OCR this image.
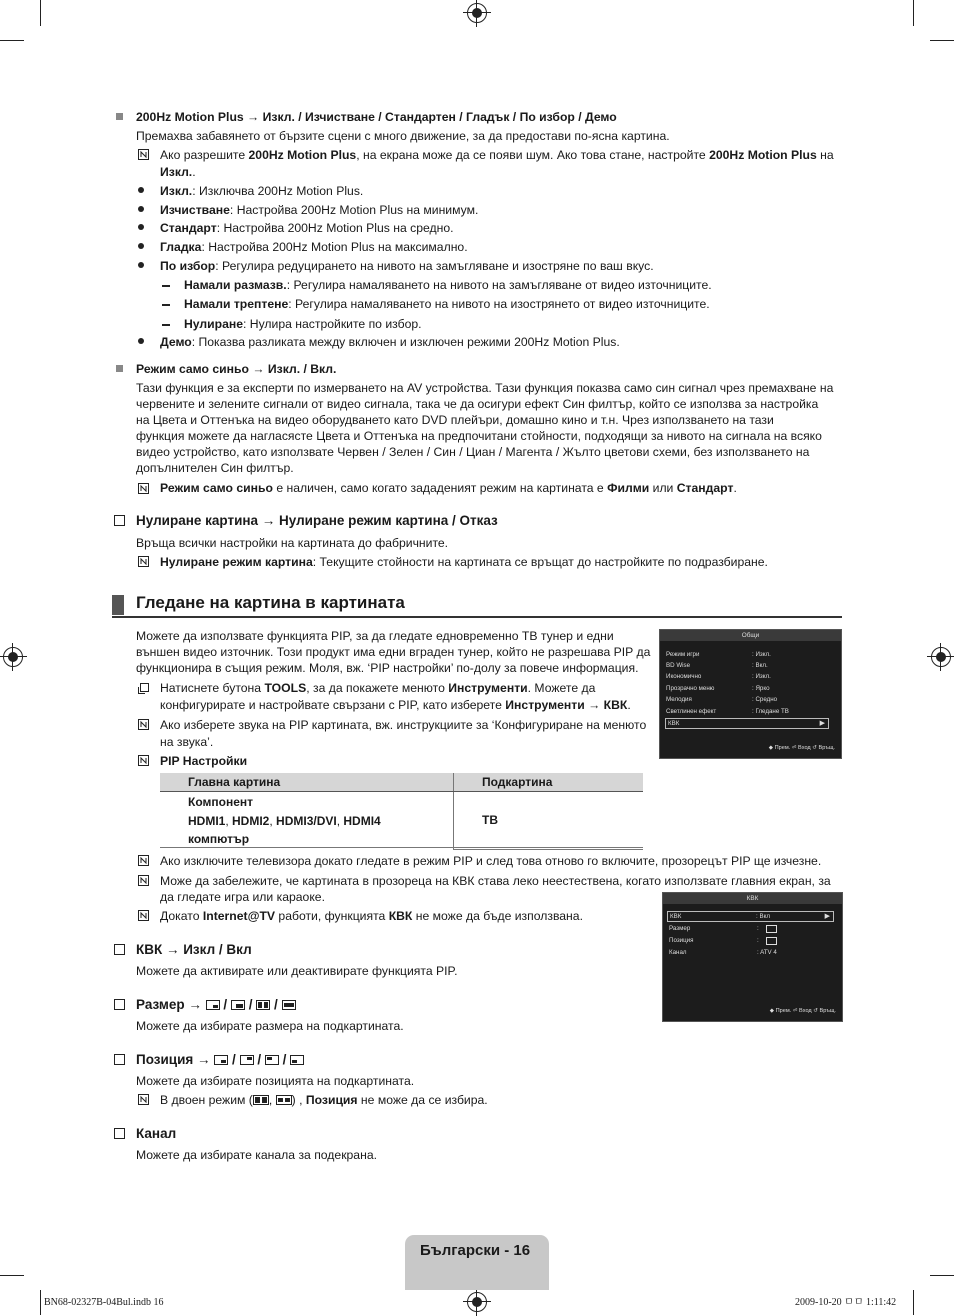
200Hz Motion Plus → Изкл. / Изчистване / Стандартен / Гладък / По избор / Демо
Премахва забавянето от бързите сцени с много движение, за да предостави по-ясна картина.
Ако разрешите 200Hz Motion Plus, на екрана може да се появи шум. Ако това стане, настройте 200Hz Motion Plus на
Изкл..
Изкл.: Изключва 200Hz Motion Plus.
Изчистване: Настройва 200Hz Motion Plus на минимум.
Стандарт: Настройва 200Hz Motion Plus на средно.
Гладка: Настройва 200Hz Motion Plus на максимално.
По избор: Регулира редуцирането на нивото на замъгляване и изостряне по ваш вкус.
Намали размазв.: Регулира намаляването на нивото на замъгляване от видео източниците.
Намали трептене: Регулира намаляването на нивото на изострянето от видео източниците.
Нулиране: Нулира настройките по избор.
Демо: Показва разликата между включен и изключен режими 200Hz Motion Plus.
Режим само синьо → Изкл. / Вкл.
Тази функция е за експерти по измерването на AV устройства. Тази функция показва само син сигнал чрез премахване на
червените и зелените сигнали от видео сигнала, така че да осигури ефект Син филтър, който се използва за настройка
на Цвета и Оттенъка на видео оборудването като DVD плейъри, домашно кино и т.н. Чрез използването на тази
функция можете да нагласясте Цвета и Оттенъка на предпочитани стойности, подходящи за нивото на сигнала на всяко
видео устройство, като използвате Червен / Зелен / Син / Циан / Магента / Жълто цветови схеми, без използването на
допълнителен Син филтър.
Режим само синьо е наличен, само когато зададеният режим на картината е Филми или Стандарт.
Нулиране картина → Нулиране режим картина / Отказ
Връща всички настройки на картината до фабричните.
Нулиране режим картина: Текущите стойности на картината се връщат до настройките по подразбиране.
Гледане на картина в картината
Можете да използвате функцията PIP, за да гледате едновременно ТВ тунер и едни
външен видео източник. Този продукт има едни вграден тунер, който не разрешава PIP да
функционира в същия режим. Моля, вж. ‘PIP настройки’ по-долу за повече информация.
Натиснете бутона TOOLS, за да покажете менюто Инструменти. Можете да
конфигурирате и настройвате свързани с PIP, като изберете Инструменти → КВК.
Ако изберете звука на PIP картината, вж. инструкциите за ‘Конфигуриране на менюто
на звука’.
PIP Настройки
Главна картина	Подкартина
Компонент
HDMI1, HDMI2, HDMI3/DVI, HDMI4
компютър	ТВ
Ако изключите телевизора докато гледате в режим PIP и след това отново го включите, прозорецът PIP ще изчезне.
Може да забележите, че картината в прозореца на КВК става леко неестествена, когато използвате главния екран, за
да гледате игра или караоке.
Докато Internet@TV работи, функцията КВК не може да бъде използвана.
КВК → Изкл / Вкл
Можете да активирате или деактивирате функцията PIP.
Размер →
/ / /
Можете да избирате размера на подкартината.
Позиция →
/ / /
Можете да избирате позицията на подкартината.
В двоен режим ( , ) , Позиция не може да се избира.
Канал
Можете да избирате канала за подекрана.
Общи
Режим игри	: Изкл.
BD Wise	: Вкл.
Икономично	: Изкл.
Прозрачно меню	: Ярко
Мелодия	: Средно
Светлинен ефект	: Гледане ТВ
КВК	▶
◆ Прем. ⏎ Вход ↺ Връщ.
КВК
КВК	: Вкл	▶
Размер	:
Позиция	:
Канал	: ATV 4
◆ Прем. ⏎ Вход ↺ Връщ.
Български - 16
BN68-02327B-04Bul.indb 16	2009-10-20 ㅁㅁ 1:11:42
